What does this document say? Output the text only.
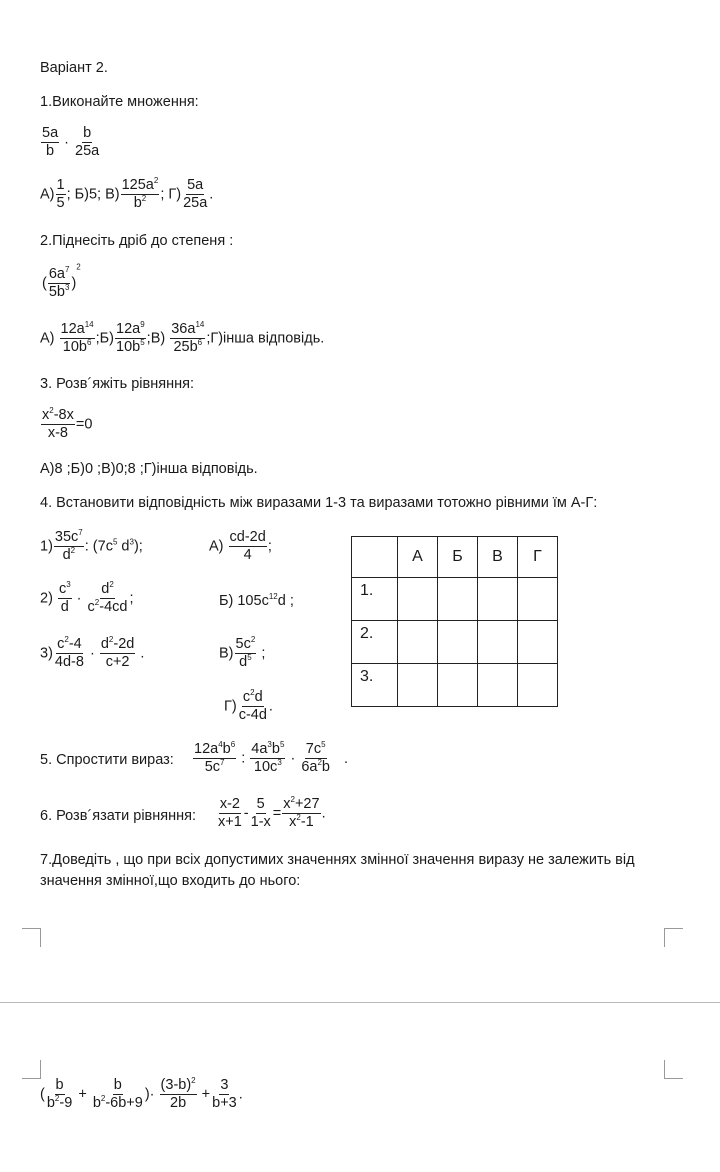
Варіант 2.
1.Виконайте множення:
$\frac{5a}{b} \cdot \frac{b}{25a}$
$А) \frac{1}{5}$ ; Б)5; $В) \frac{125a^2}{b^2}$ ; $Г) \frac{5a}{25a}$ .
2.Піднесіть дріб до степеня :
( $\frac{6a^7}{5b^3} )^2$
$А) \frac{12a^{14}}{10b^6}$ ;Б) $\frac{12a^9}{10b^5}$ ;В) $\frac{36a^{14}}{25b^6}$ ;Г)інша відповідь.
3. Розв´яжіть рівняння:
$\frac{x^2-8x}{x-8} =0$
А)8 ;Б)0 ;В)0;8 ;Г)інша відповідь.
4. Встановити відповідність між виразами 1-3 та виразами тотожно рівними їм А-Г:
$1) \frac{35c^7}{d^2}$ : ($7c^5$ $d^3$);
$2) \frac{c^3}{d} \cdot \frac{d^2}{c^2-4cd}$ ;
$3) \frac{c^2-4}{4d-8} \cdot \frac{d^2-2d}{c+2}$ .
$А) \frac{cd-2d}{4}$ ;
Б) $105c^{12}d$ ;
$В) \frac{5c^2}{d^5}$ ;
$Г) \frac{c^2d}{c-4d}$ .
	А	Б	В	Г
1.				
2.				
3.				
5. Спростити вираз: $\frac{12a^4b^6}{5c^7}$ : $\frac{4a^3b^5}{10c^3} \cdot \frac{7c^5}{6a^2b}$ .
6. Розв´язати рівняння: $\frac{x-2}{x+1} - \frac{5}{1-x} = \frac{x^2+27}{x^2-1}$ .
7.Доведіть , що при всіх допустимих значеннях змінної значення виразу не залежить від
значення змінної,що входить до нього:
( $\frac{b}{b^2-9} + \frac{b}{b^2-6b+9}$ )· $\frac{(3-b)^2}{2b} + \frac{3}{b+3}$ .
